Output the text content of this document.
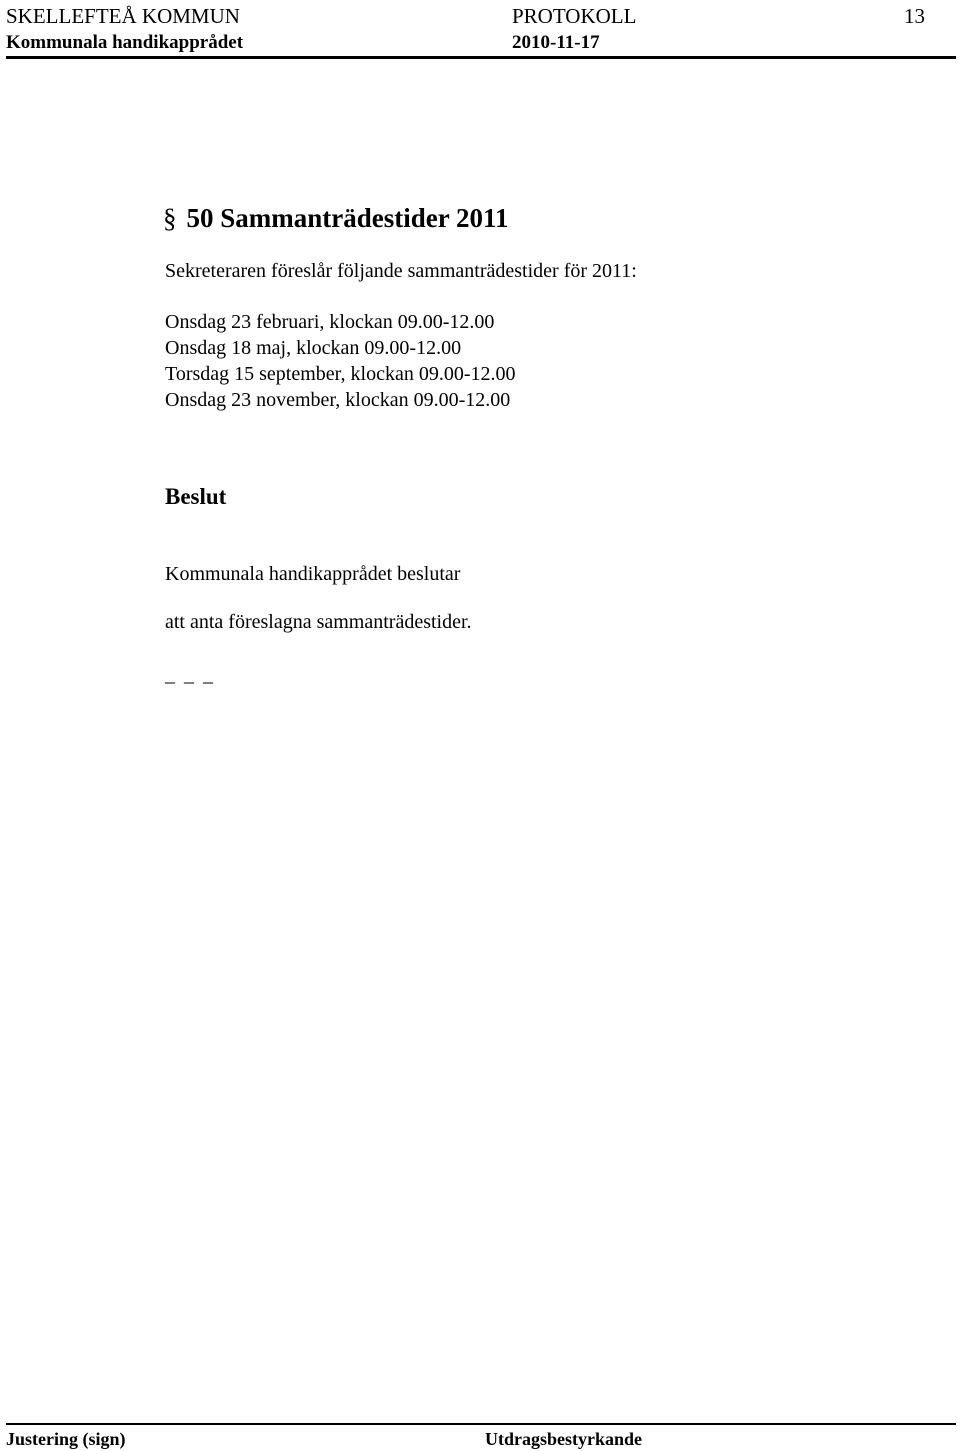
SKELLEFTEÅ KOMMUN	PROTOKOLL	13
Kommunala handikapprådet	2010-11-17
§ 50 Sammanträdestider 2011
Sekreteraren föreslår följande sammanträdestider för 2011:
Onsdag 23 februari, klockan 09.00-12.00
Onsdag 18 maj, klockan 09.00-12.00
Torsdag 15 september, klockan 09.00-12.00
Onsdag 23 november, klockan 09.00-12.00
Beslut
Kommunala handikapprådet beslutar
att anta föreslagna sammanträdestider.
_ _ _
Justering (sign)	Utdragsbestyrkande
